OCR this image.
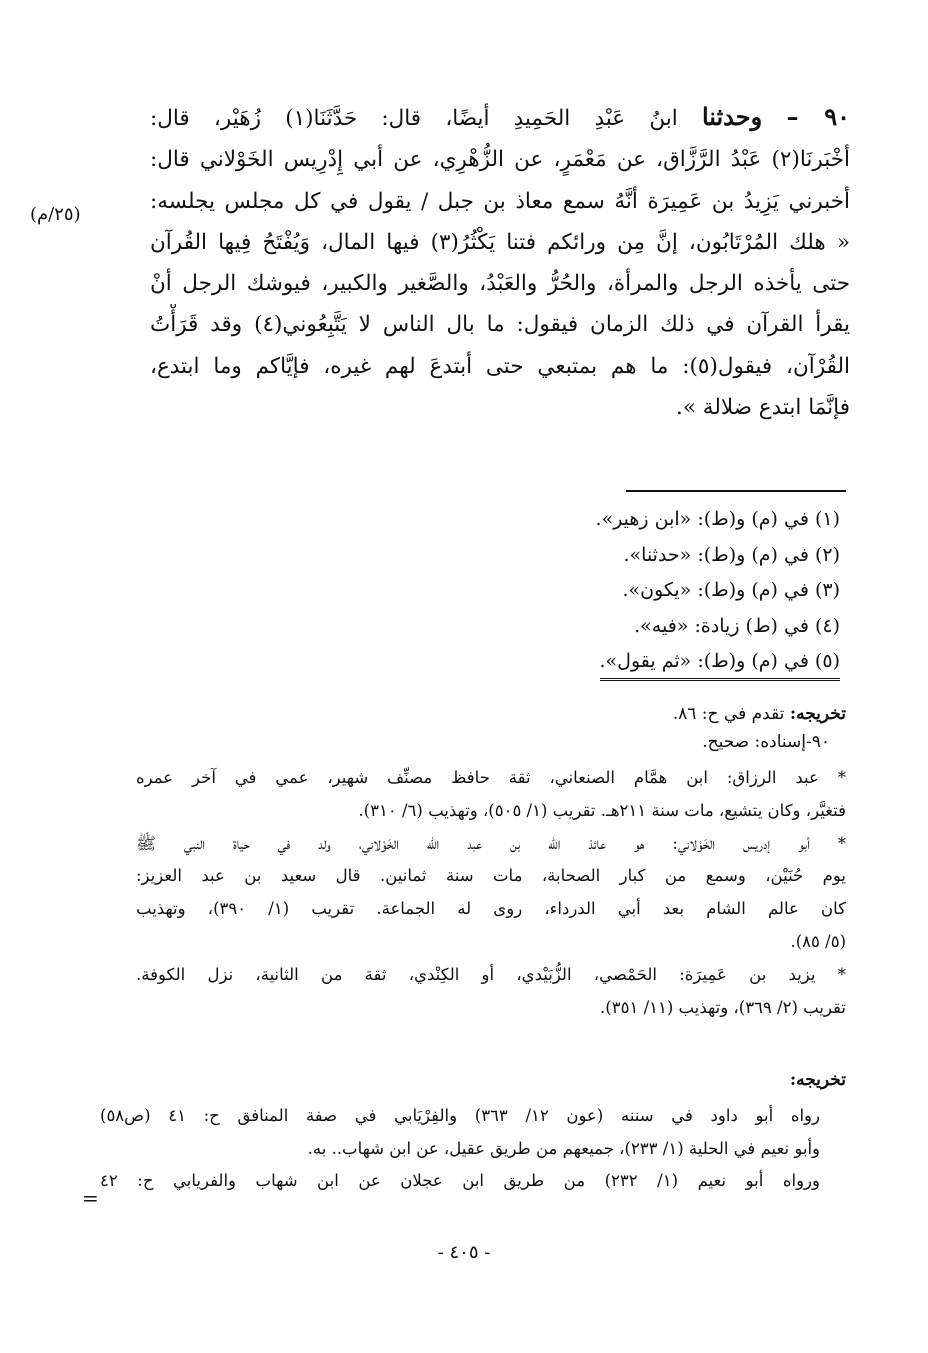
(٢٥/م)
٩٠ – وحدثنا ابنُ عَبْدِ الحَمِيدِ أيضًا، قال: حَدَّثَنَا(١) زُهَيْر، قال:
أخْبَرنَا(٢) عَبْدُ الرَّزَّاق، عن مَعْمَرٍ، عن الزُّهْرِي، عن أبي إِدْرِيس الخَوْلاني قال:
أخبرني يَزِيدُ بن عَمِيرَة أنَّهُ سمع معاذ بن جبل / يقول في كل مجلس يجلسه:
« هلك المُرْتَابُون، إنَّ مِن ورائكم فتنا يَكْثُرُ(٣) فيها المال، وَيُفْتَحُ فِيها القُرآن
حتى يأخذه الرجل والمرأة، والحُرُّ والعَبْدُ، والصَّغير والكبير، فيوشك الرجل أنْ
يقرأ القرآن في ذلك الزمان فيقول: ما بال الناس لا يَتَّبِعُوني(٤) وقد قَرَأْتُ
القُرْآن، فيقول(٥): ما هم بمتبعي حتى أبتدعَ لهم غيره، فإيَّاكم وما ابتدع،
فإنَّمَا ابتدع ضلالة ».
(١) في (م) و(ط): «ابن زهير».
(٢) في (م) و(ط): «حدثنا».
(٣) في (م) و(ط): «يكون».
(٤) في (ط) زيادة: «فيه».
(٥) في (م) و(ط): «ثم يقول».
تخريجه: تقدم في ح: ٨٦.
٩٠-إسناده: صحيح.
* عبد الرزاق: ابن همَّام الصنعاني، ثقة حافظ مصنِّف شهير، عمي في آخر عمره
فتغيَّر، وكان يتشيع، مات سنة ٢١١هـ. تقريب (١/ ٥٠٥)، وتهذيب (٦/ ٣١٠).
* أبو إدريس الخَوْلاني: هو عائذ الله بن عبد الله الخَوْلاني، ولد في حياة النبي ﷺ
يوم حُنَيْن، وسمع من كبار الصحابة، مات سنة ثمانين. قال سعيد بن عبد العزيز:
كان عالم الشام بعد أبي الدرداء، روى له الجماعة. تقريب (١/ ٣٩٠)، وتهذيب
(٥/ ٨٥).
* يزيد بن عَمِيرَة: الحَمْصي، الزُّبَيْدي، أو الكِنْدي، ثقة من الثانية، نزل الكوفة.
تقريب (٢/ ٣٦٩)، وتهذيب (١١/ ٣٥١).
تخريجه:
رواه أبو داود في سننه (عون ١٢/ ٣٦٣) والفِرْيَابي في صفة المنافق ح: ٤١ (ص٥٨)
وأبو نعيم في الحلية (١/ ٢٣٣)، جميعهم من طريق عقيل، عن ابن شهاب.. به.
ورواه أبو نعيم (١/ ٢٣٢) من طريق ابن عجلان عن ابن شهاب والفريابي ح: ٤٢
=
- ٤٠٥ -
